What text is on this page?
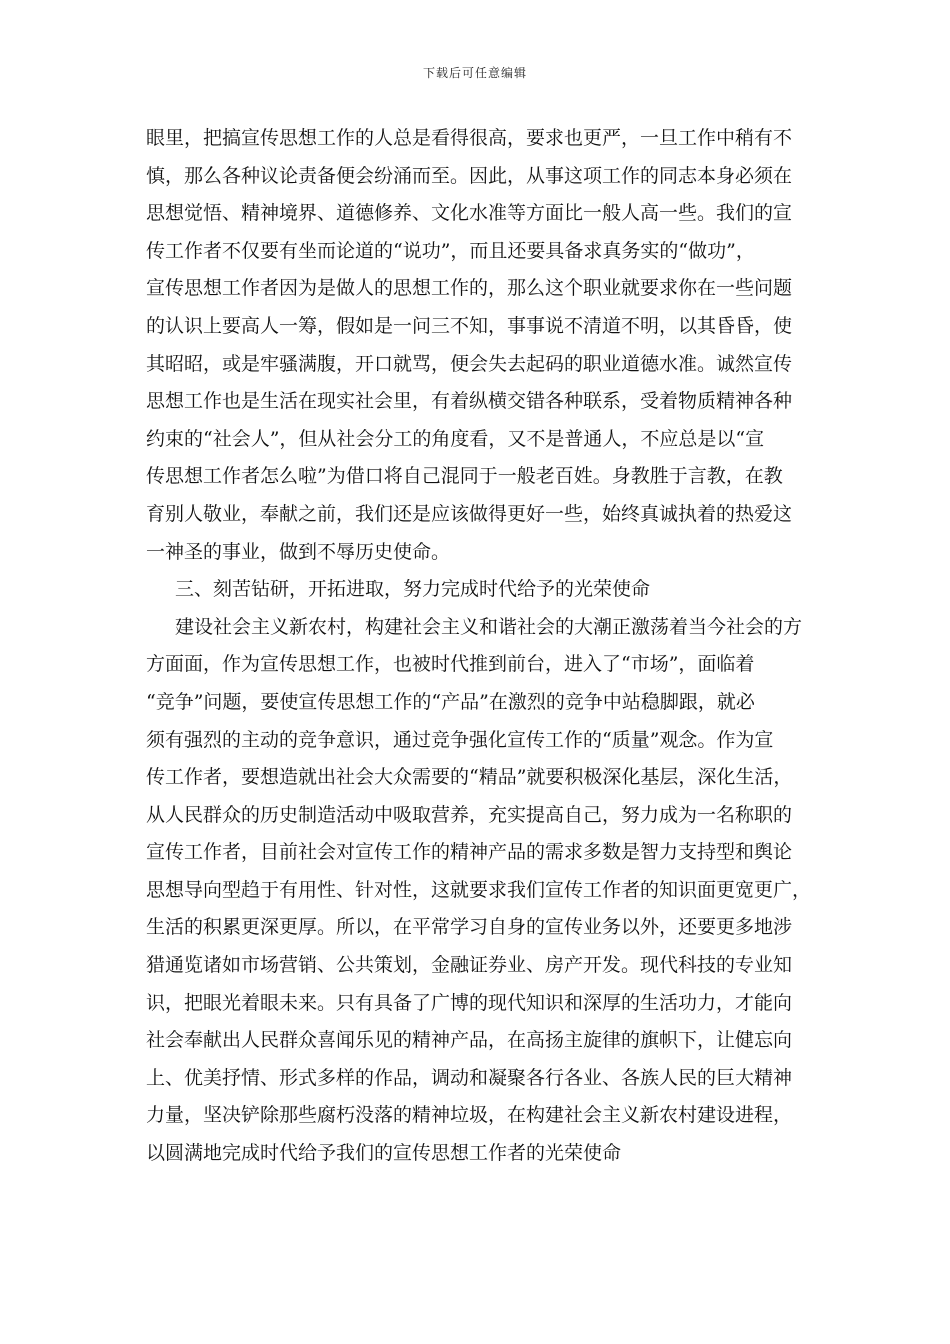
下载后可任意编辑
眼里，把搞宣传思想工作的人总是看得很高，要求也更严，一旦工作中稍有不
慎，那么各种议论责备便会纷涌而至。因此，从事这项工作的同志本身必须在
思想觉悟、精神境界、道德修养、文化水准等方面比一般人高一些。我们的宣
传工作者不仅要有坐而论道的“说功”，而且还要具备求真务实的“做功”，
宣传思想工作者因为是做人的思想工作的，那么这个职业就要求你在一些问题
的认识上要高人一筹，假如是一问三不知，事事说不清道不明，以其昏昏，使
其昭昭，或是牢骚满腹，开口就骂，便会失去起码的职业道德水准。诚然宣传
思想工作也是生活在现实社会里，有着纵横交错各种联系，受着物质精神各种
约束的“社会人”，但从社会分工的角度看，又不是普通人，不应总是以“宣
传思想工作者怎么啦”为借口将自己混同于一般老百姓。身教胜于言教，在教
育别人敬业，奉献之前，我们还是应该做得更好一些，始终真诚执着的热爱这
一神圣的事业，做到不辱历史使命。
三、刻苦钻研，开拓进取，努力完成时代给予的光荣使命
建设社会主义新农村，构建社会主义和谐社会的大潮正激荡着当今社会的方
方面面，作为宣传思想工作，也被时代推到前台，进入了“市场”，面临着
“竞争”问题，要使宣传思想工作的“产品”在激烈的竞争中站稳脚跟，就必
须有强烈的主动的竞争意识，通过竞争强化宣传工作的“质量”观念。作为宣
传工作者，要想造就出社会大众需要的“精品”就要积极深化基层，深化生活，
从人民群众的历史制造活动中吸取营养，充实提高自己，努力成为一名称职的
宣传工作者，目前社会对宣传工作的精神产品的需求多数是智力支持型和舆论
思想导向型趋于有用性、针对性，这就要求我们宣传工作者的知识面更宽更广，
生活的积累更深更厚。所以，在平常学习自身的宣传业务以外，还要更多地涉
猎通览诸如市场营销、公共策划，金融证券业、房产开发。现代科技的专业知
识，把眼光着眼未来。只有具备了广博的现代知识和深厚的生活功力，才能向
社会奉献出人民群众喜闻乐见的精神产品，在高扬主旋律的旗帜下，让健忘向
上、优美抒情、形式多样的作品，调动和凝聚各行各业、各族人民的巨大精神
力量，坚决铲除那些腐朽没落的精神垃圾，在构建社会主义新农村建设进程，
以圆满地完成时代给予我们的宣传思想工作者的光荣使命
